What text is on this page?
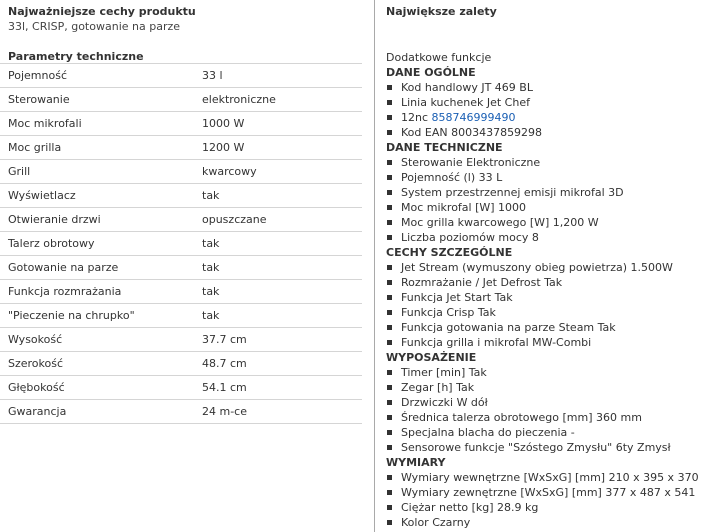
Najważniejsze cechy produktu
33l, CRISP, gotowanie na parze
Parametry techniczne
Pojemność	33 l
Sterowanie	elektroniczne
Moc mikrofali	1000 W
Moc grilla	1200 W
Grill	kwarcowy
Wyświetlacz	tak
Otwieranie drzwi	opuszczane
Talerz obrotowy	tak
Gotowanie na parze	tak
Funkcja rozmrażania	tak
"Pieczenie na chrupko"	tak
Wysokość	37.7 cm
Szerokość	48.7 cm
Głębokość	54.1 cm
Gwarancja	24 m-ce
Największe zalety
Dodatkowe funkcje
DANE OGÓLNE
Kod handlowy JT 469 BL
Linia kuchenek Jet Chef
12nc 858746999490
Kod EAN 8003437859298
DANE TECHNICZNE
Sterowanie Elektroniczne
Pojemność (l) 33 L
System przestrzennej emisji mikrofal 3D
Moc mikrofal [W] 1000
Moc grilla kwarcowego [W] 1,200 W
Liczba poziomów mocy 8
CECHY SZCZEGÓLNE
Jet Stream (wymuszony obieg powietrza) 1.500W
Rozmrażanie / Jet Defrost Tak
Funkcja Jet Start Tak
Funkcja Crisp Tak
Funkcja gotowania na parze Steam Tak
Funkcja grilla i mikrofal MW-Combi
WYPOSAŻENIE
Timer [min] Tak
Zegar [h] Tak
Drzwiczki W dół
Średnica talerza obrotowego [mm] 360 mm
Specjalna blacha do pieczenia -
Sensorowe funkcje "Szóstego Zmysłu" 6ty Zmysł
WYMIARY
Wymiary wewnętrzne [WxSxG] [mm] 210 x 395 x 370
Wymiary zewnętrzne [WxSxG] [mm] 377 x 487 x 541
Ciężar netto [kg] 28.9 kg
Kolor Czarny
